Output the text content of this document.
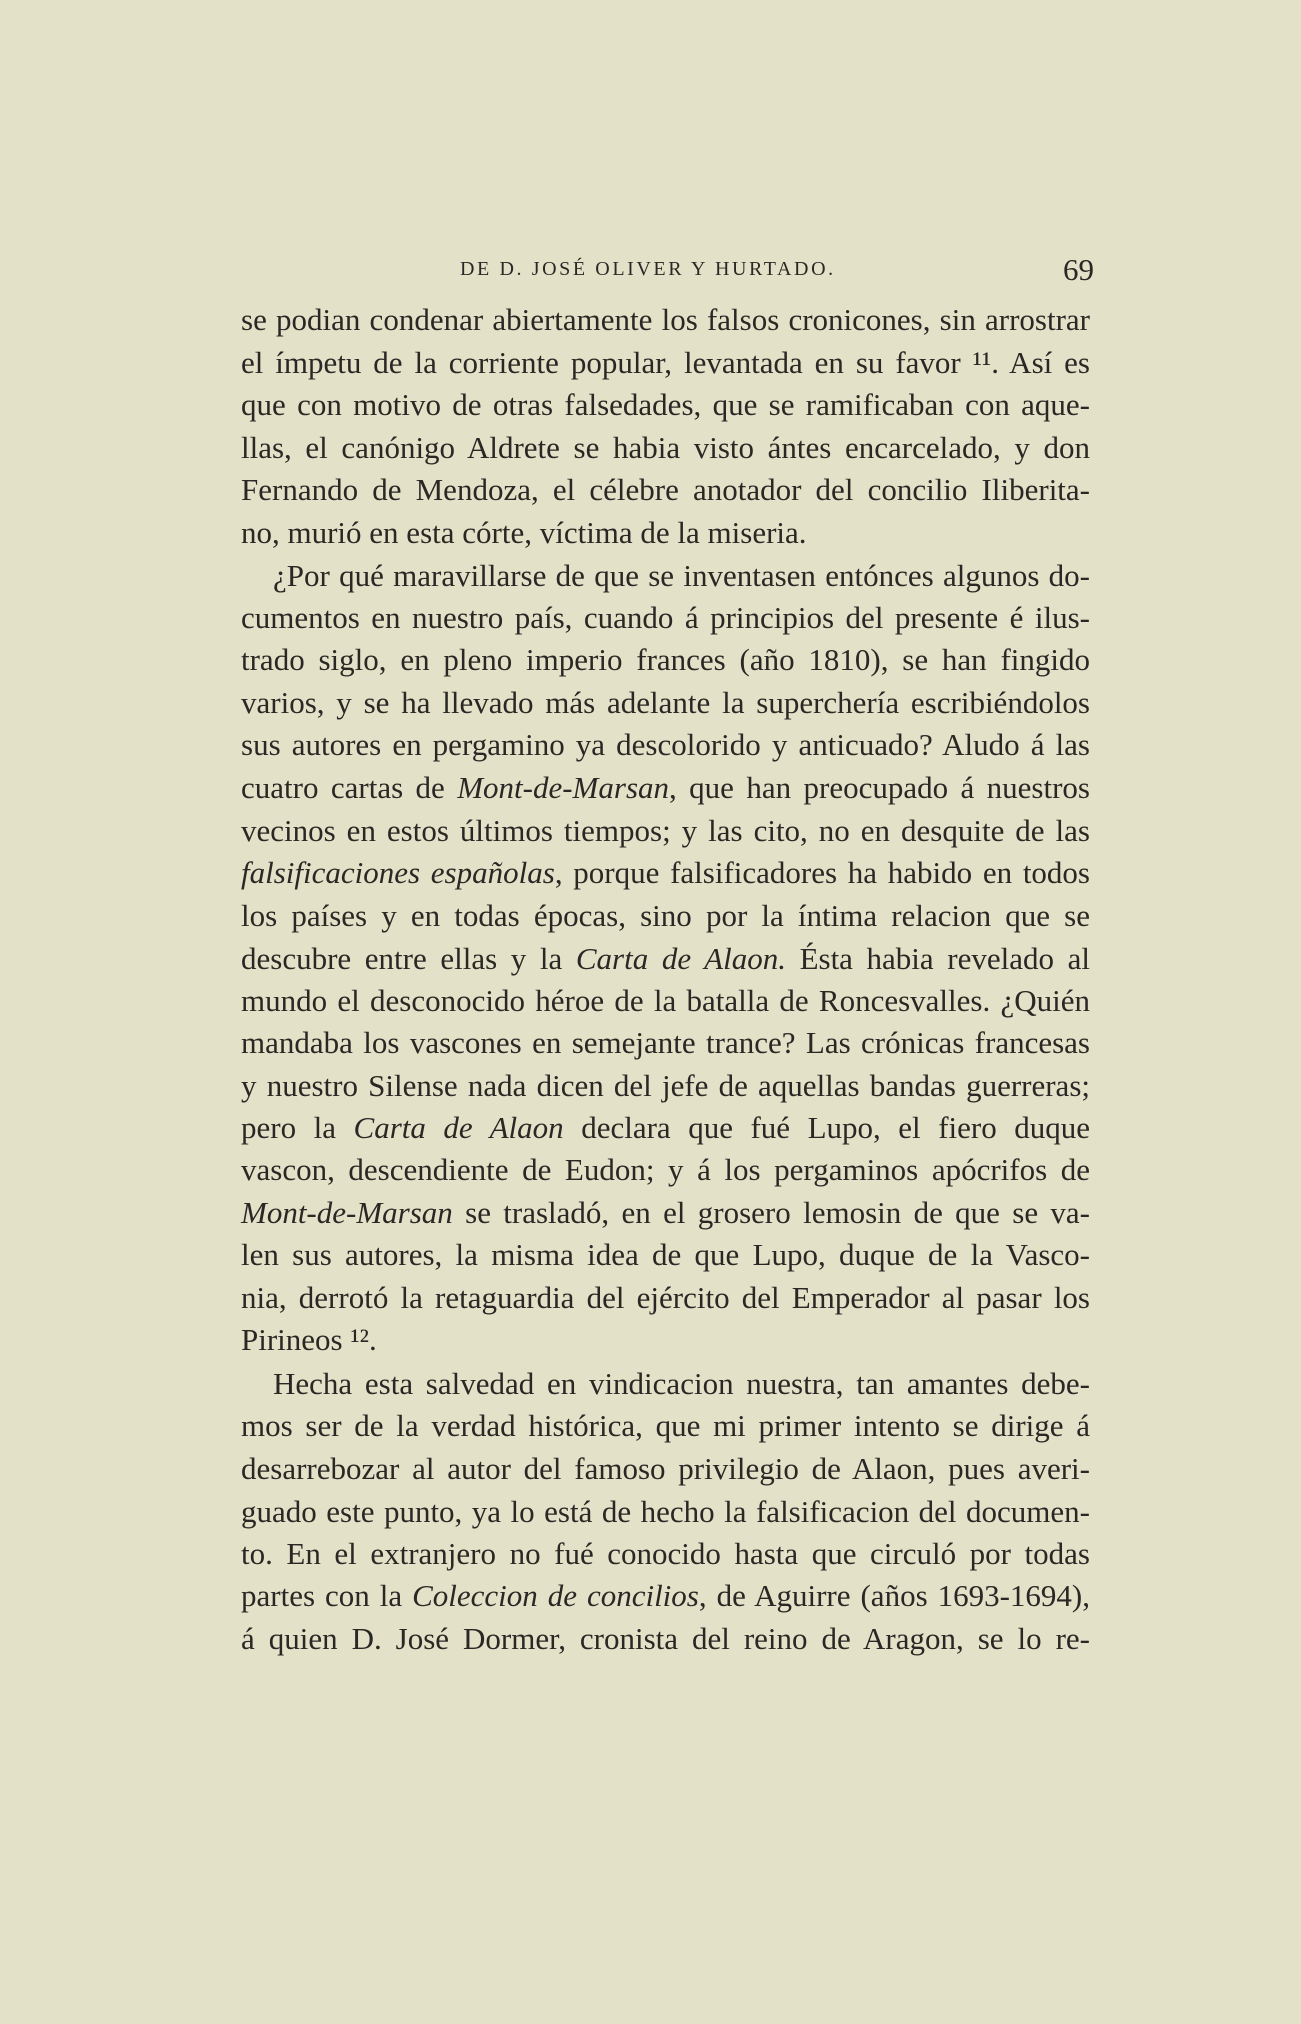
DE D. JOSÉ OLIVER Y HURTADO.	69
se podian condenar abiertamente los falsos cronicones, sin arrostrar
el ímpetu de la corriente popular, levantada en su favor ¹¹. Así es
que con motivo de otras falsedades, que se ramificaban con aque-
llas, el canónigo Aldrete se habia visto ántes encarcelado, y don
Fernando de Mendoza, el célebre anotador del concilio Iliberita-
no, murió en esta córte, víctima de la miseria.
¿Por qué maravillarse de que se inventasen entónces algunos do-
cumentos en nuestro país, cuando á principios del presente é ilus-
trado siglo, en pleno imperio frances (año 1810), se han fingido
varios, y se ha llevado más adelante la superchería escribiéndolos
sus autores en pergamino ya descolorido y anticuado? Aludo á las
cuatro cartas de Mont-de-Marsan, que han preocupado á nuestros
vecinos en estos últimos tiempos; y las cito, no en desquite de las
falsificaciones españolas, porque falsificadores ha habido en todos
los países y en todas épocas, sino por la íntima relacion que se
descubre entre ellas y la Carta de Alaon. Ésta habia revelado al
mundo el desconocido héroe de la batalla de Roncesvalles. ¿Quién
mandaba los vascones en semejante trance? Las crónicas francesas
y nuestro Silense nada dicen del jefe de aquellas bandas guerreras;
pero la Carta de Alaon declara que fué Lupo, el fiero duque
vascon, descendiente de Eudon; y á los pergaminos apócrifos de
Mont-de-Marsan se trasladó, en el grosero lemosin de que se va-
len sus autores, la misma idea de que Lupo, duque de la Vasco-
nia, derrotó la retaguardia del ejército del Emperador al pasar los
Pirineos ¹².
Hecha esta salvedad en vindicacion nuestra, tan amantes debe-
mos ser de la verdad histórica, que mi primer intento se dirige á
desarrebozar al autor del famoso privilegio de Alaon, pues averi-
guado este punto, ya lo está de hecho la falsificacion del documen-
to. En el extranjero no fué conocido hasta que circuló por todas
partes con la Coleccion de concilios, de Aguirre (años 1693-1694),
á quien D. José Dormer, cronista del reino de Aragon, se lo re-
